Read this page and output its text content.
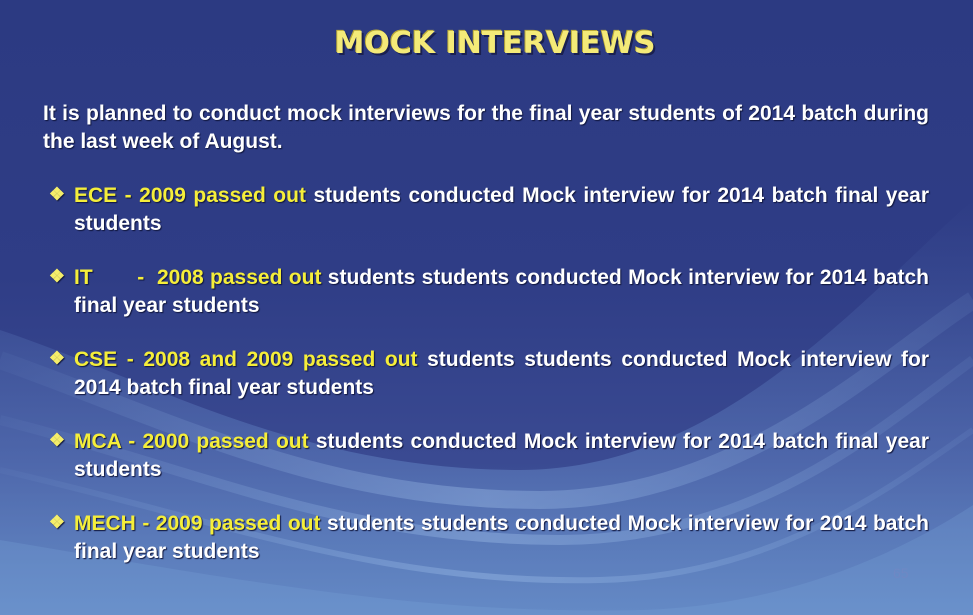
MOCK INTERVIEWS
It is planned to conduct mock interviews for the final year students of 2014 batch during the last week of August.
❖ ECE - 2009 passed out students conducted Mock interview for 2014 batch final year students
❖ IT       -  2008 passed out students students conducted Mock interview for 2014 batch final year students
❖ CSE - 2008 and 2009 passed out students students conducted Mock interview for 2014 batch final year students
❖ MCA - 2000 passed out students conducted Mock interview for 2014 batch final year students
❖ MECH - 2009 passed out students students conducted Mock interview for 2014 batch final year students
65
